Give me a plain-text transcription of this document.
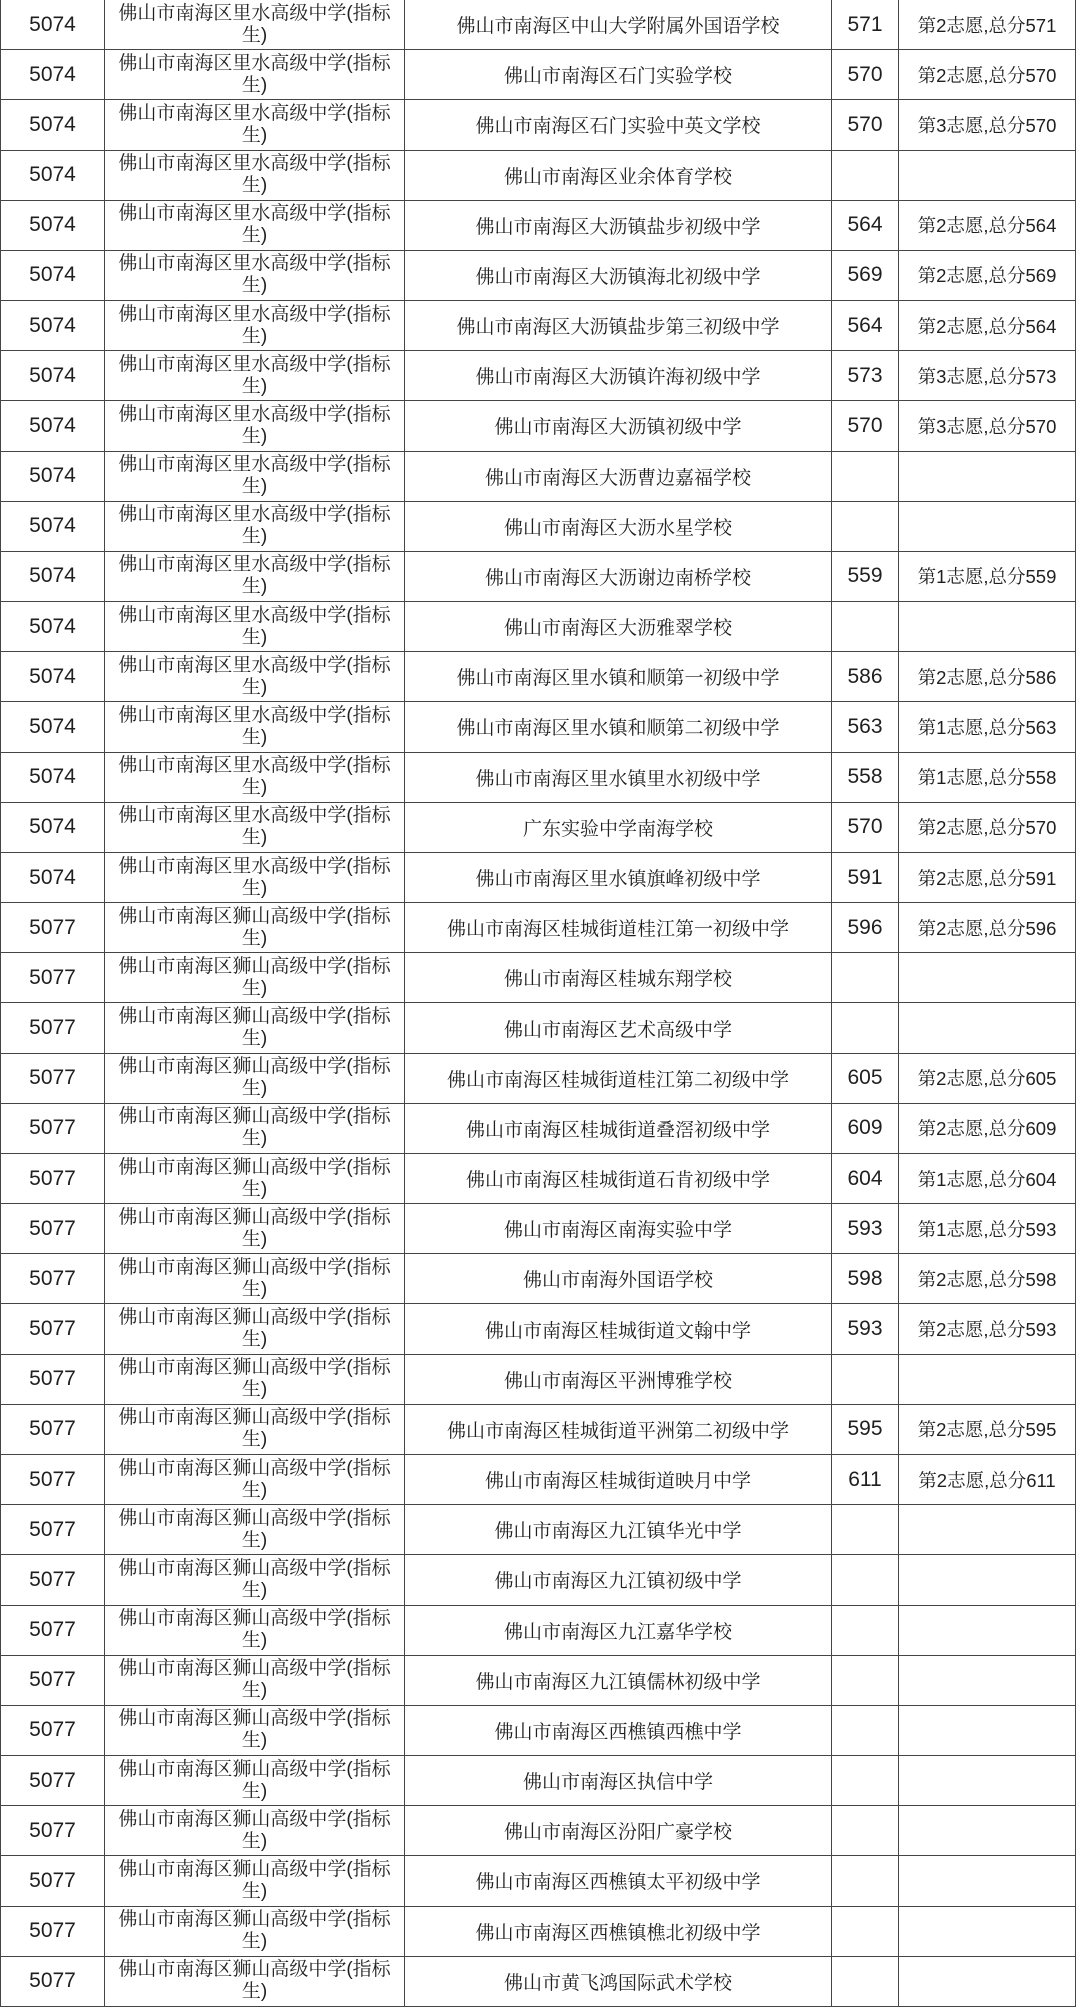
5074	佛山市南海区里水高级中学(指标生)	佛山市南海区中山大学附属外国语学校	571	第2志愿,总分571
5074	佛山市南海区里水高级中学(指标生)	佛山市南海区石门实验学校	570	第2志愿,总分570
5074	佛山市南海区里水高级中学(指标生)	佛山市南海区石门实验中英文学校	570	第3志愿,总分570
5074	佛山市南海区里水高级中学(指标生)	佛山市南海区业余体育学校
5074	佛山市南海区里水高级中学(指标生)	佛山市南海区大沥镇盐步初级中学	564	第2志愿,总分564
5074	佛山市南海区里水高级中学(指标生)	佛山市南海区大沥镇海北初级中学	569	第2志愿,总分569
5074	佛山市南海区里水高级中学(指标生)	佛山市南海区大沥镇盐步第三初级中学	564	第2志愿,总分564
5074	佛山市南海区里水高级中学(指标生)	佛山市南海区大沥镇许海初级中学	573	第3志愿,总分573
5074	佛山市南海区里水高级中学(指标生)	佛山市南海区大沥镇初级中学	570	第3志愿,总分570
5074	佛山市南海区里水高级中学(指标生)	佛山市南海区大沥曹边嘉福学校
5074	佛山市南海区里水高级中学(指标生)	佛山市南海区大沥水星学校
5074	佛山市南海区里水高级中学(指标生)	佛山市南海区大沥谢边南桥学校	559	第1志愿,总分559
5074	佛山市南海区里水高级中学(指标生)	佛山市南海区大沥雅翠学校
5074	佛山市南海区里水高级中学(指标生)	佛山市南海区里水镇和顺第一初级中学	586	第2志愿,总分586
5074	佛山市南海区里水高级中学(指标生)	佛山市南海区里水镇和顺第二初级中学	563	第1志愿,总分563
5074	佛山市南海区里水高级中学(指标生)	佛山市南海区里水镇里水初级中学	558	第1志愿,总分558
5074	佛山市南海区里水高级中学(指标生)	广东实验中学南海学校	570	第2志愿,总分570
5074	佛山市南海区里水高级中学(指标生)	佛山市南海区里水镇旗峰初级中学	591	第2志愿,总分591
5077	佛山市南海区狮山高级中学(指标生)	佛山市南海区桂城街道桂江第一初级中学	596	第2志愿,总分596
5077	佛山市南海区狮山高级中学(指标生)	佛山市南海区桂城东翔学校
5077	佛山市南海区狮山高级中学(指标生)	佛山市南海区艺术高级中学
5077	佛山市南海区狮山高级中学(指标生)	佛山市南海区桂城街道桂江第二初级中学	605	第2志愿,总分605
5077	佛山市南海区狮山高级中学(指标生)	佛山市南海区桂城街道叠滘初级中学	609	第2志愿,总分609
5077	佛山市南海区狮山高级中学(指标生)	佛山市南海区桂城街道石肯初级中学	604	第1志愿,总分604
5077	佛山市南海区狮山高级中学(指标生)	佛山市南海区南海实验中学	593	第1志愿,总分593
5077	佛山市南海区狮山高级中学(指标生)	佛山市南海外国语学校	598	第2志愿,总分598
5077	佛山市南海区狮山高级中学(指标生)	佛山市南海区桂城街道文翰中学	593	第2志愿,总分593
5077	佛山市南海区狮山高级中学(指标生)	佛山市南海区平洲博雅学校
5077	佛山市南海区狮山高级中学(指标生)	佛山市南海区桂城街道平洲第二初级中学	595	第2志愿,总分595
5077	佛山市南海区狮山高级中学(指标生)	佛山市南海区桂城街道映月中学	611	第2志愿,总分611
5077	佛山市南海区狮山高级中学(指标生)	佛山市南海区九江镇华光中学
5077	佛山市南海区狮山高级中学(指标生)	佛山市南海区九江镇初级中学
5077	佛山市南海区狮山高级中学(指标生)	佛山市南海区九江嘉华学校
5077	佛山市南海区狮山高级中学(指标生)	佛山市南海区九江镇儒林初级中学
5077	佛山市南海区狮山高级中学(指标生)	佛山市南海区西樵镇西樵中学
5077	佛山市南海区狮山高级中学(指标生)	佛山市南海区执信中学
5077	佛山市南海区狮山高级中学(指标生)	佛山市南海区汾阳广豪学校
5077	佛山市南海区狮山高级中学(指标生)	佛山市南海区西樵镇太平初级中学
5077	佛山市南海区狮山高级中学(指标生)	佛山市南海区西樵镇樵北初级中学
5077	佛山市南海区狮山高级中学(指标生)	佛山市黄飞鸿国际武术学校
